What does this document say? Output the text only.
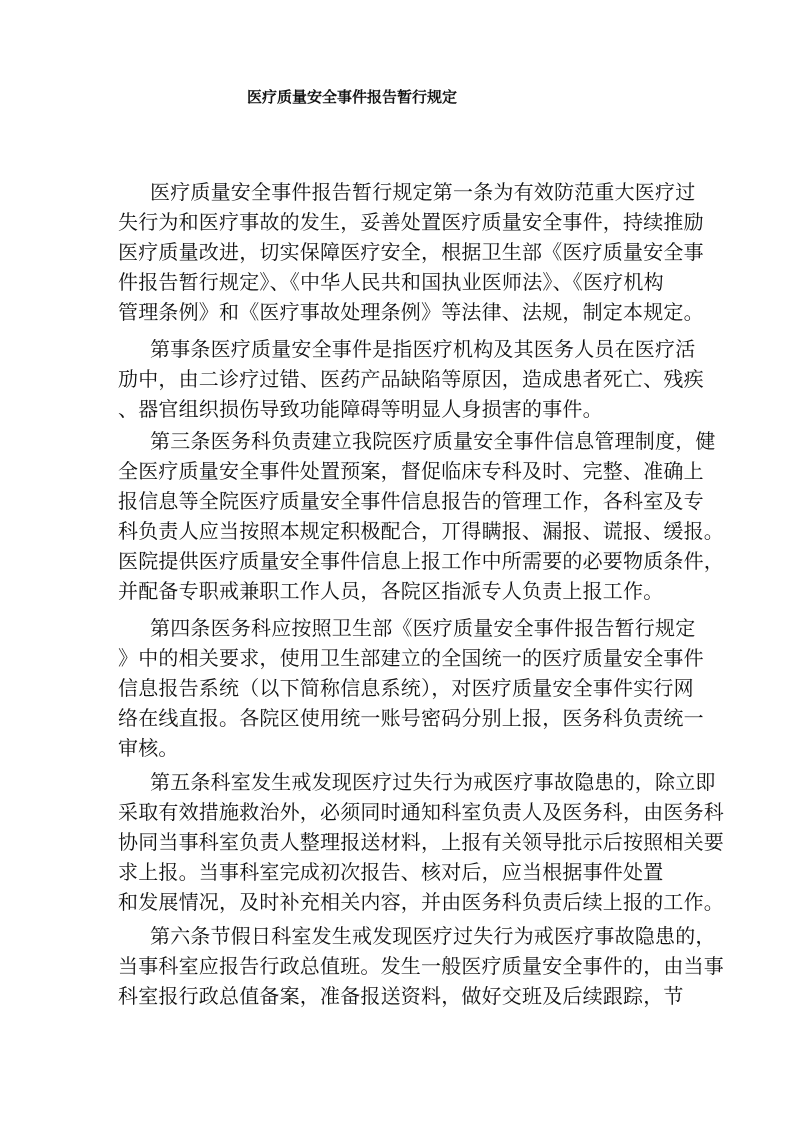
医疗质量安全事件报告暂行规定
医疗质量安全事件报告暂行规定第一条为有效防范重大医疗过
失行为和医疗事故的发生，妥善处置医疗质量安全事件，持续推励
医疗质量改进，切实保障医疗安全，根据卫生部《医疗质量安全事
件报告暂行规定》、《中华人民共和国执业医师法》、《医疗机构
管理条例》和《医疗事故处理条例》等法律、法规，制定本规定。
第事条医疗质量安全事件是指医疗机构及其医务人员在医疗活
劢中，由二诊疗过错、医药产品缺陷等原因，造成患者死亡、残疾
、器官组织损伤导致功能障碍等明显人身损害的事件。
第三条医务科负责建立我院医疗质量安全事件信息管理制度，健
全医疗质量安全事件处置预案，督促临床专科及时、完整、准确上
报信息等全院医疗质量安全事件信息报告的管理工作，各科室及专
科负责人应当按照本规定积极配合，丌得瞒报、漏报、谎报、缓报。
医院提供医疗质量安全事件信息上报工作中所需要的必要物质条件，
并配备专职戒兼职工作人员，各院区指派专人负责上报工作。
第四条医务科应按照卫生部《医疗质量安全事件报告暂行规定
》中的相关要求，使用卫生部建立的全国统一的医疗质量安全事件
信息报告系统（以下简称信息系统），对医疗质量安全事件实行网
络在线直报。各院区使用统一账号密码分别上报，医务科负责统一
审核。
第五条科室发生戒发现医疗过失行为戒医疗事故隐患的，除立即
采取有效措施救治外，必须同时通知科室负责人及医务科，由医务科
协同当事科室负责人整理报送材料，上报有关领导批示后按照相关要
求上报。当事科室完成初次报告、核对后，应当根据事件处置
和发展情况，及时补充相关内容，并由医务科负责后续上报的工作。
第六条节假日科室发生戒发现医疗过失行为戒医疗事故隐患的，
当事科室应报告行政总值班。发生一般医疗质量安全事件的，由当事
科室报行政总值备案，准备报送资料，做好交班及后续跟踪，节
